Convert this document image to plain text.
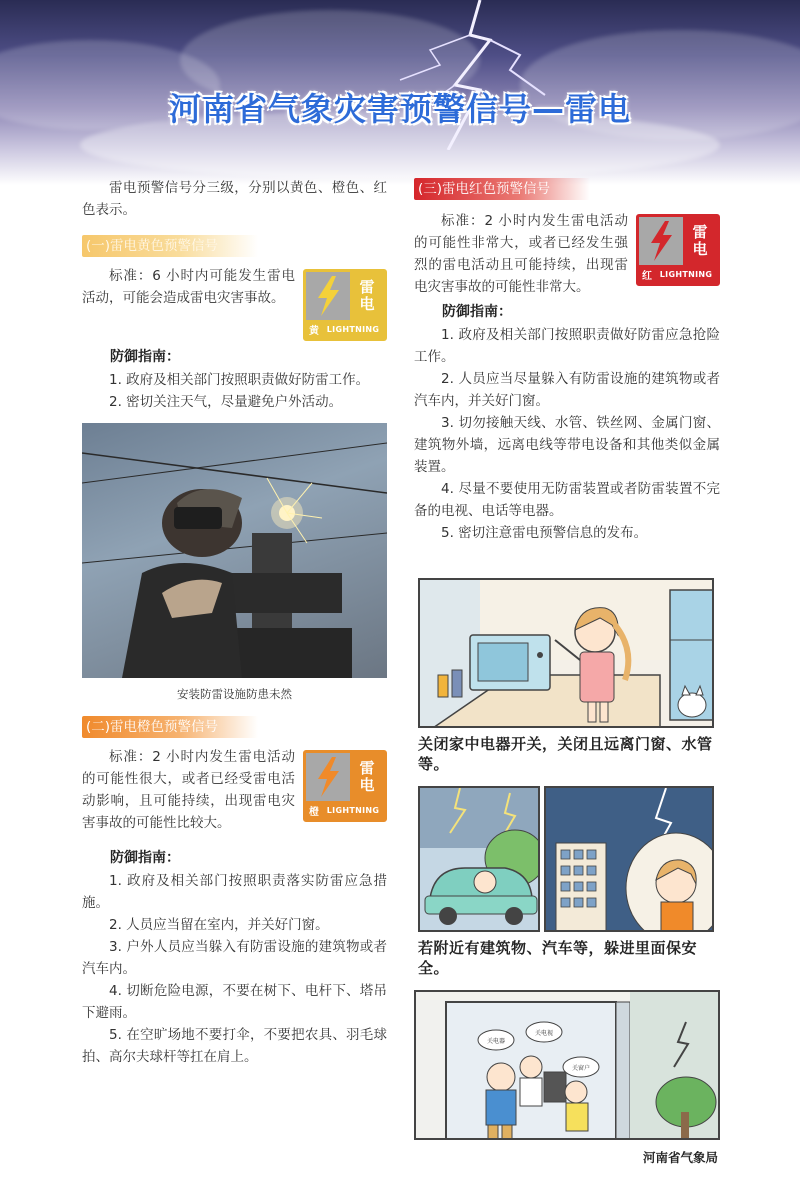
河南省气象灾害预警信号—雷电

雷电预警信号分三级，分别以黄色、橙色、红色表示。

(一)雷电黄色预警信号

标准：6 小时内可能发生雷电活动，可能会造成雷电灾害事故。

雷
电
黄 LIGHTNING
防御指南：

1. 政府及相关部门按照职责做好防雷工作。

2. 密切关注天气，尽量避免户外活动。

安装防雷设施防患未然
(二)雷电橙色预警信号

标准：2 小时内发生雷电活动的可能性很大，或者已经受雷电活动影响，且可能持续，出现雷电灾害事故的可能性比较大。

雷
电
橙 LIGHTNING
防御指南：

1. 政府及相关部门按照职责落实防雷应急措施。

2. 人员应当留在室内，并关好门窗。

3. 户外人员应当躲入有防雷设施的建筑物或者汽车内。

4. 切断危险电源，不要在树下、电杆下、塔吊下避雨。

5. 在空旷场地不要打伞，不要把农具、羽毛球拍、高尔夫球杆等扛在肩上。

(三)雷电红色预警信号

标准：2 小时内发生雷电活动的可能性非常大，或者已经发生强烈的雷电活动且可能持续，出现雷电灾害事故的可能性非常大。

雷
电
红 LIGHTNING
防御指南：

1. 政府及相关部门按照职责做好防雷应急抢险工作。

2. 人员应当尽量躲入有防雷设施的建筑物或者汽车内，并关好门窗。

3. 切勿接触天线、水管、铁丝网、金属门窗、建筑物外墙，远离电线等带电设备和其他类似金属装置。

4. 尽量不要使用无防雷装置或者防雷装置不完备的电视、电话等电器。

5. 密切注意雷电预警信息的发布。

关闭家中电器开关，关闭且远离门窗、水管等。
若附近有建筑物、汽车等，躲进里面保安全。
关电器
关电视
关窗户
河南省气象局
